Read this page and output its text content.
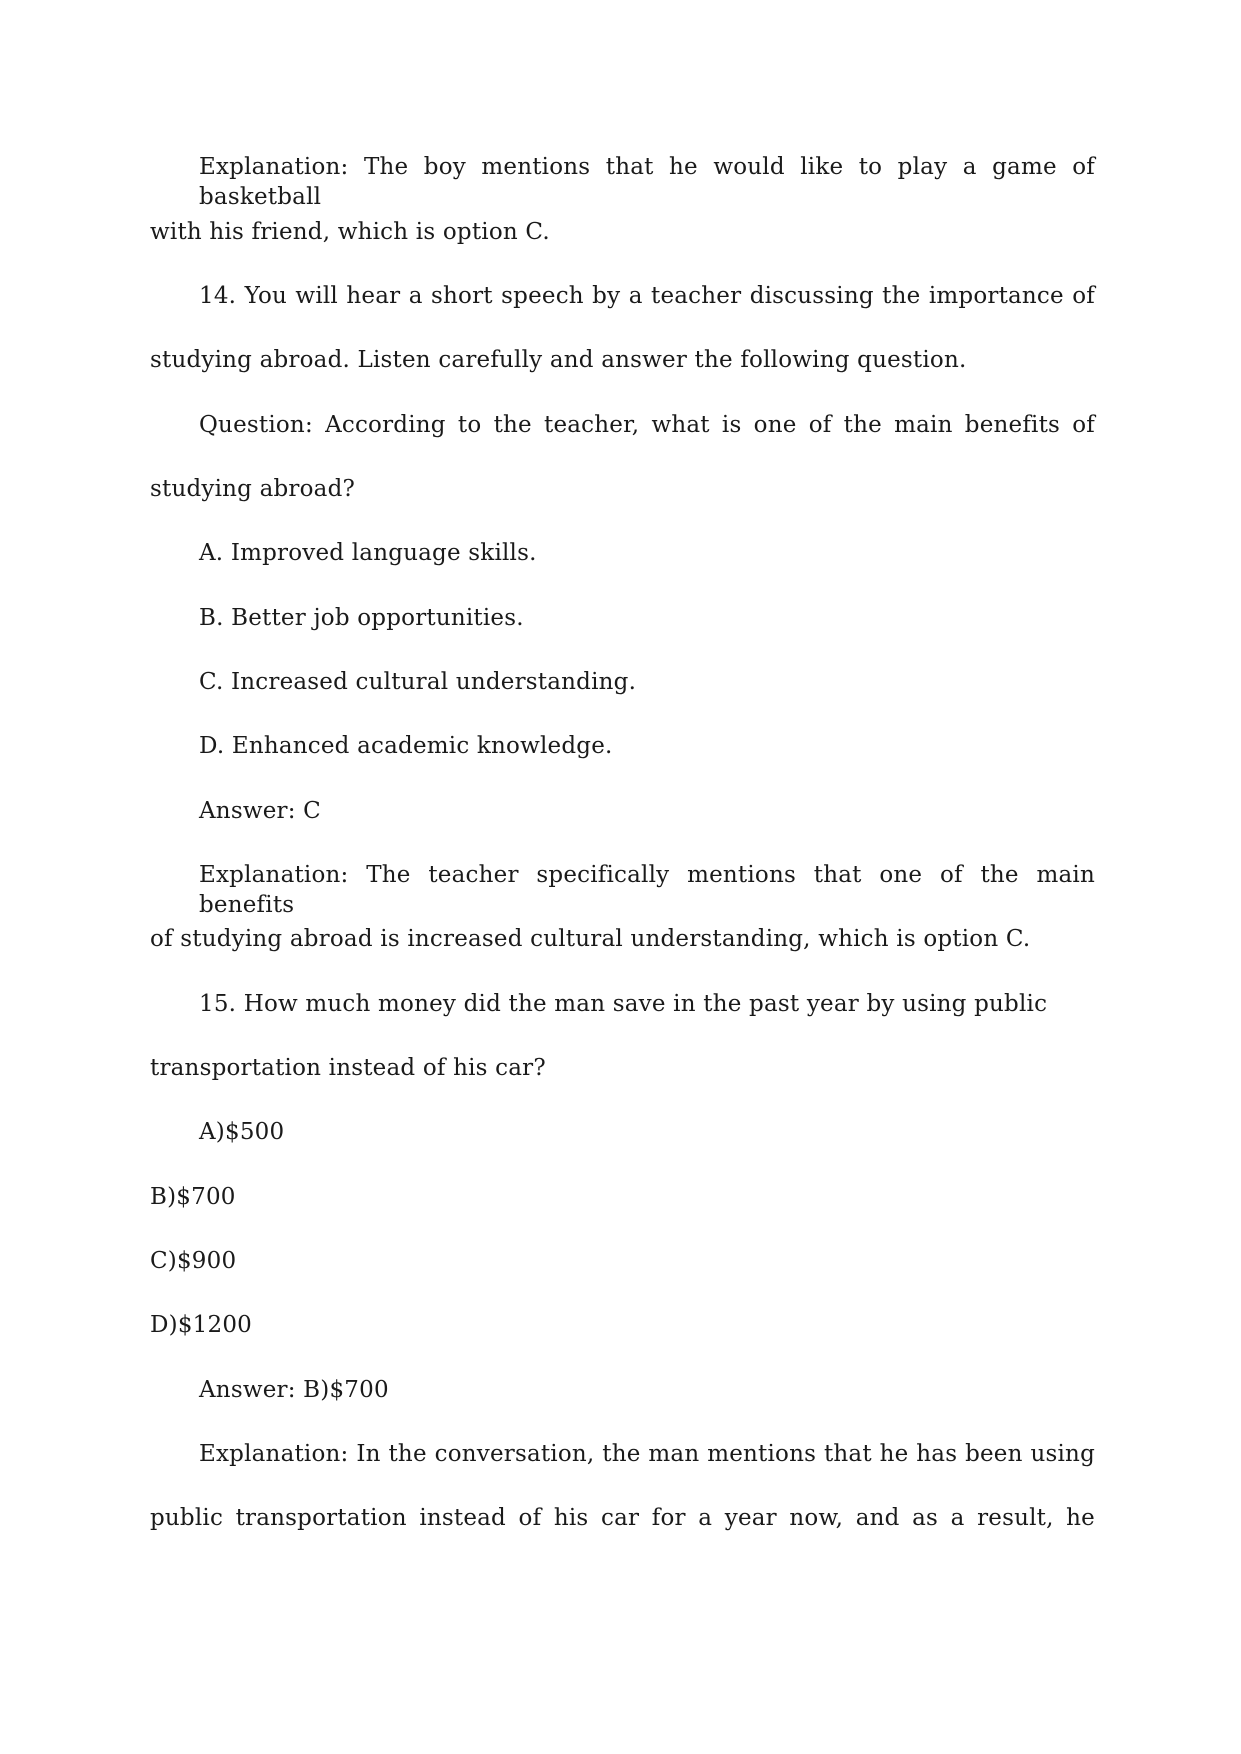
Explanation: The boy mentions that he would like to play a game of basketball
with his friend, which is option C.
14. You will hear a short speech by a teacher discussing the importance of
studying abroad. Listen carefully and answer the following question.
Question: According to the teacher, what is one of the main benefits of
studying abroad?
A. Improved language skills.
B. Better job opportunities.
C. Increased cultural understanding.
D. Enhanced academic knowledge.
Answer: C
Explanation: The teacher specifically mentions that one of the main benefits
of studying abroad is increased cultural understanding, which is option C.
15. How much money did the man save in the past year by using public
transportation instead of his car?
A)$500
B)$700
C)$900
D)$1200
Answer: B)$700
Explanation: In the conversation, the man mentions that he has been using
public transportation instead of his car for a year now, and as a result, he
